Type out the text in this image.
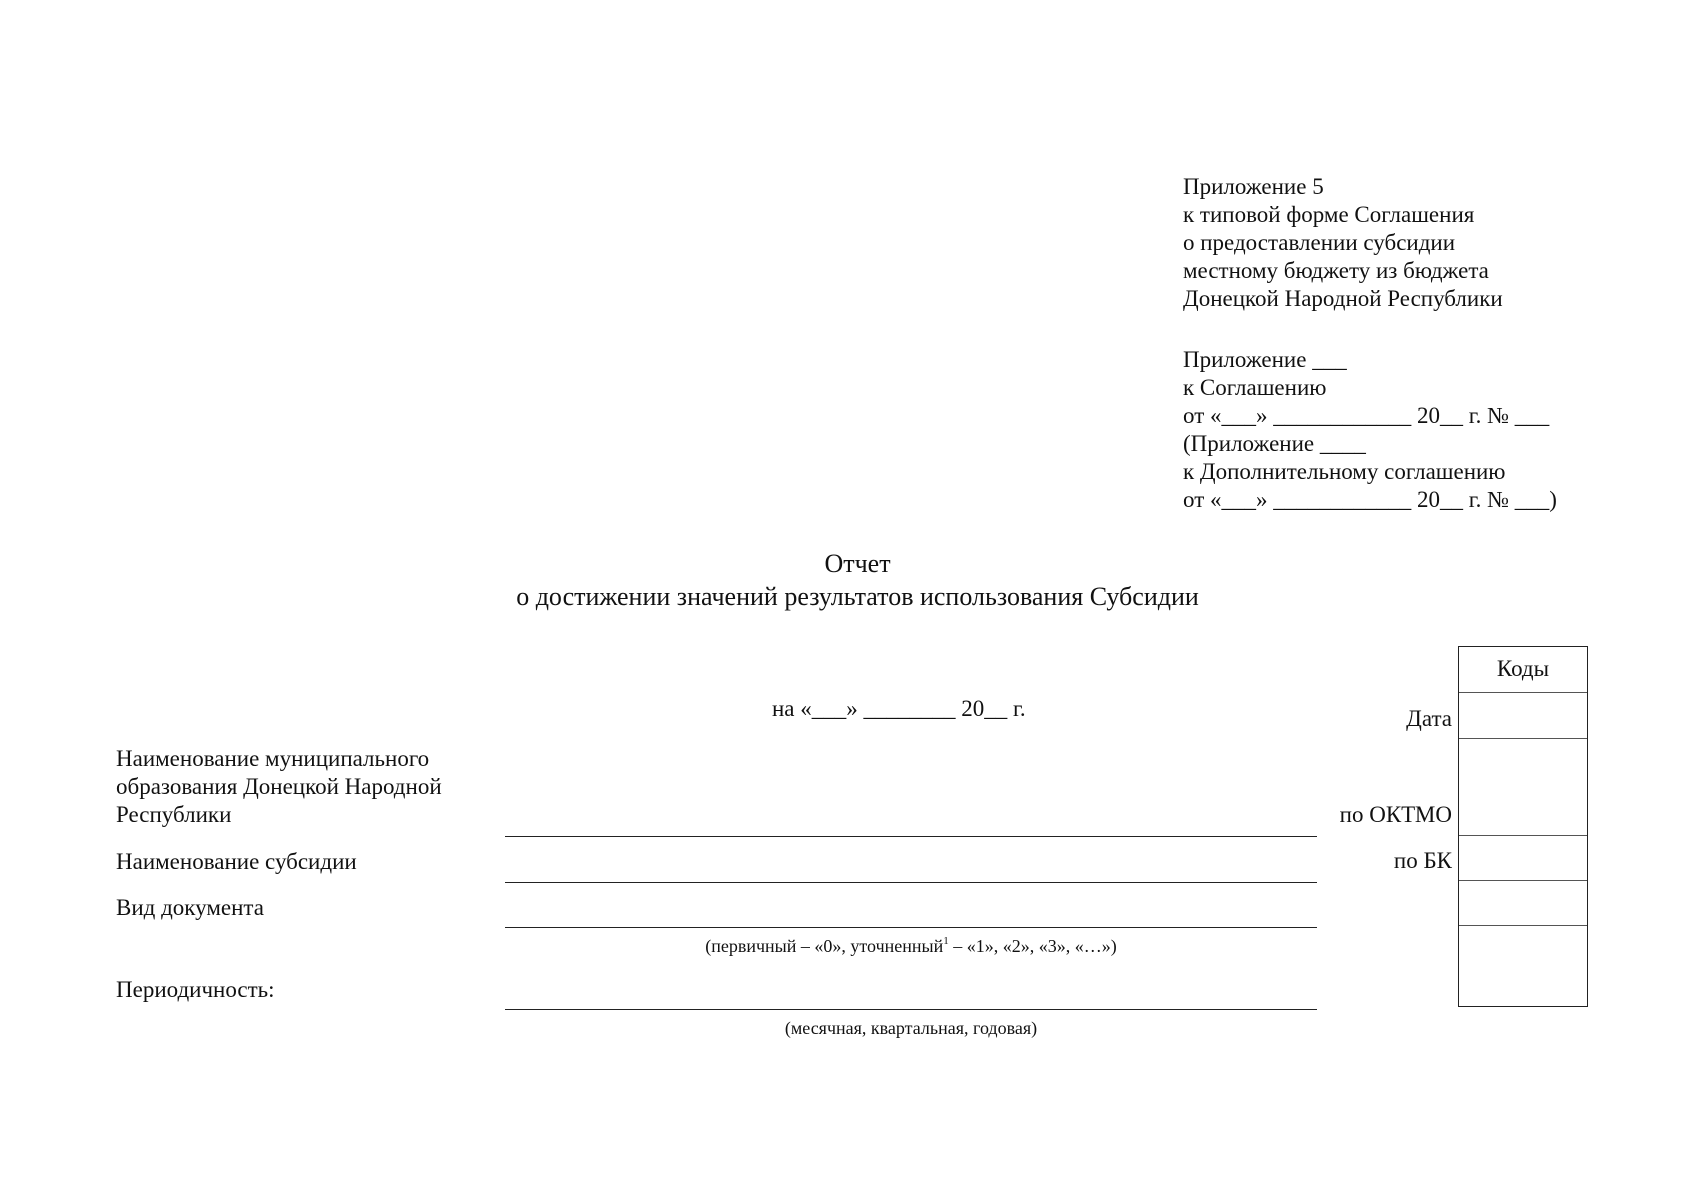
Приложение 5
к типовой форме Соглашения
о предоставлении субсидии
местному бюджету из бюджета
Донецкой Народной Республики
Приложение ___
к Соглашению
от «___» ____________ 20__ г. № ___
(Приложение ____
к Дополнительному соглашению
от «___» ____________ 20__ г. № ___)
Отчет
о достижении значений результатов использования Субсидии
на «___» ________ 20__ г.
Коды
Дата
по ОКТМО
по БК
Наименование муниципального
образования Донецкой Народной
Республики
Наименование субсидии
Вид документа
Периодичность:
(первичный – «0», уточненный$^1$ – «1», «2», «3», «…»)
(месячная, квартальная, годовая)
